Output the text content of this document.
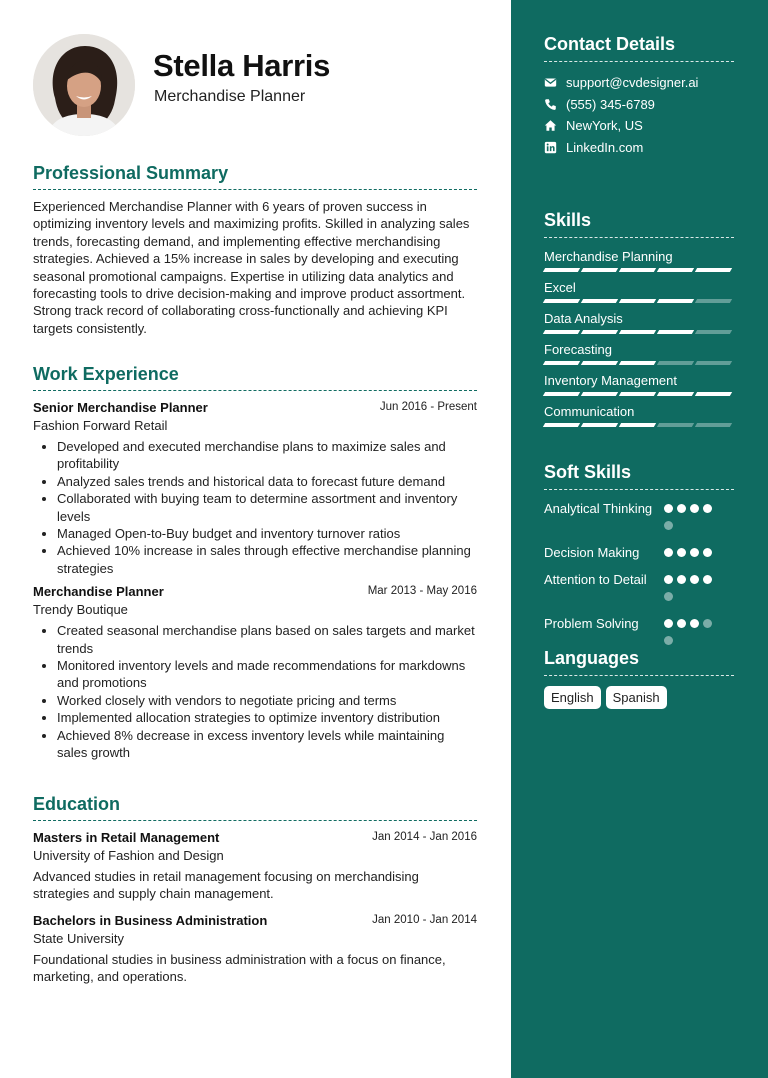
Stella Harris
Merchandise Planner
Professional Summary

Experienced Merchandise Planner with 6 years of proven success in optimizing inventory levels and maximizing profits. Skilled in analyzing sales trends, forecasting demand, and implementing effective merchandising strategies. Achieved a 15% increase in sales by developing and executing seasonal promotional campaigns. Expertise in utilizing data analytics and forecasting tools to drive decision-making and improve product assortment. Strong track record of collaborating cross-functionally and achieving KPI targets consistently.

Work Experience
Senior Merchandise Planner	Jun 2016 - Present
Fashion Forward Retail
• Developed and executed merchandise plans to maximize sales and profitability
• Analyzed sales trends and historical data to forecast future demand
• Collaborated with buying team to determine assortment and inventory levels
• Managed Open-to-Buy budget and inventory turnover ratios
• Achieved 10% increase in sales through effective merchandise planning strategies
Merchandise Planner	Mar 2013 - May 2016
Trendy Boutique
• Created seasonal merchandise plans based on sales targets and market trends
• Monitored inventory levels and made recommendations for markdowns and promotions
• Worked closely with vendors to negotiate pricing and terms
• Implemented allocation strategies to optimize inventory distribution
• Achieved 8% decrease in excess inventory levels while maintaining sales growth
Education
Masters in Retail Management	Jan 2014 - Jan 2016
University of Fashion and Design

Advanced studies in retail management focusing on merchandising strategies and supply chain management.

Bachelors in Business Administration	Jan 2010 - Jan 2014
State University

Foundational studies in business administration with a focus on finance, marketing, and operations.

Contact Details
support@cvdesigner.ai
(555) 345-6789
NewYork, US
LinkedIn.com
Skills
Merchandise Planning
Excel
Data Analysis
Forecasting
Inventory Management
Communication
Soft Skills
Analytical Thinking
Decision Making
Attention to Detail
Problem Solving
Languages
English	Spanish
